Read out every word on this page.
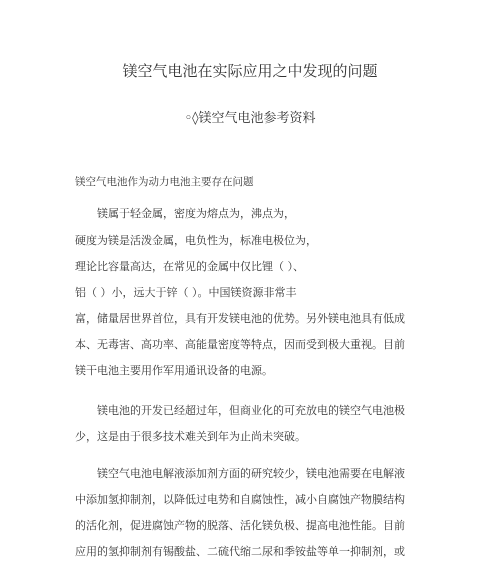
镁空气电池在实际应用之中发现的问题
◦◊镁空气电池参考资料
镁空气电池作为动力电池主要存在问题
镁属于轻金属，密度为熔点为，沸点为，
硬度为镁是活泼金属，电负性为，标准电极位为，
理论比容量高达，在常见的金属中仅比锂（ ）、
铝（ ）小，远大于锌（ ）。中国镁资源非常丰
富，储量居世界首位，具有开发镁电池的优势。另外镁电池具有低成
本、无毒害、高功率、高能量密度等特点，因而受到极大重视。目前
镁干电池主要用作军用通讯设备的电源。
镁电池的开发已经超过年，但商业化的可充放电的镁空气电池极
少，这是由于很多技术难关到年为止尚未突破。
镁空气电池电解液添加剂方面的研究较少，镁电池需要在电解液
中添加氢抑制剂，以降低过电势和自腐蚀性，减小自腐蚀产物膜结构
的活化剂，促进腐蚀产物的脱落、活化镁负极、提高电池性能。目前
应用的氢抑制剂有锡酸盐、二硫代缩二尿和季铵盐等单一抑制剂，或
